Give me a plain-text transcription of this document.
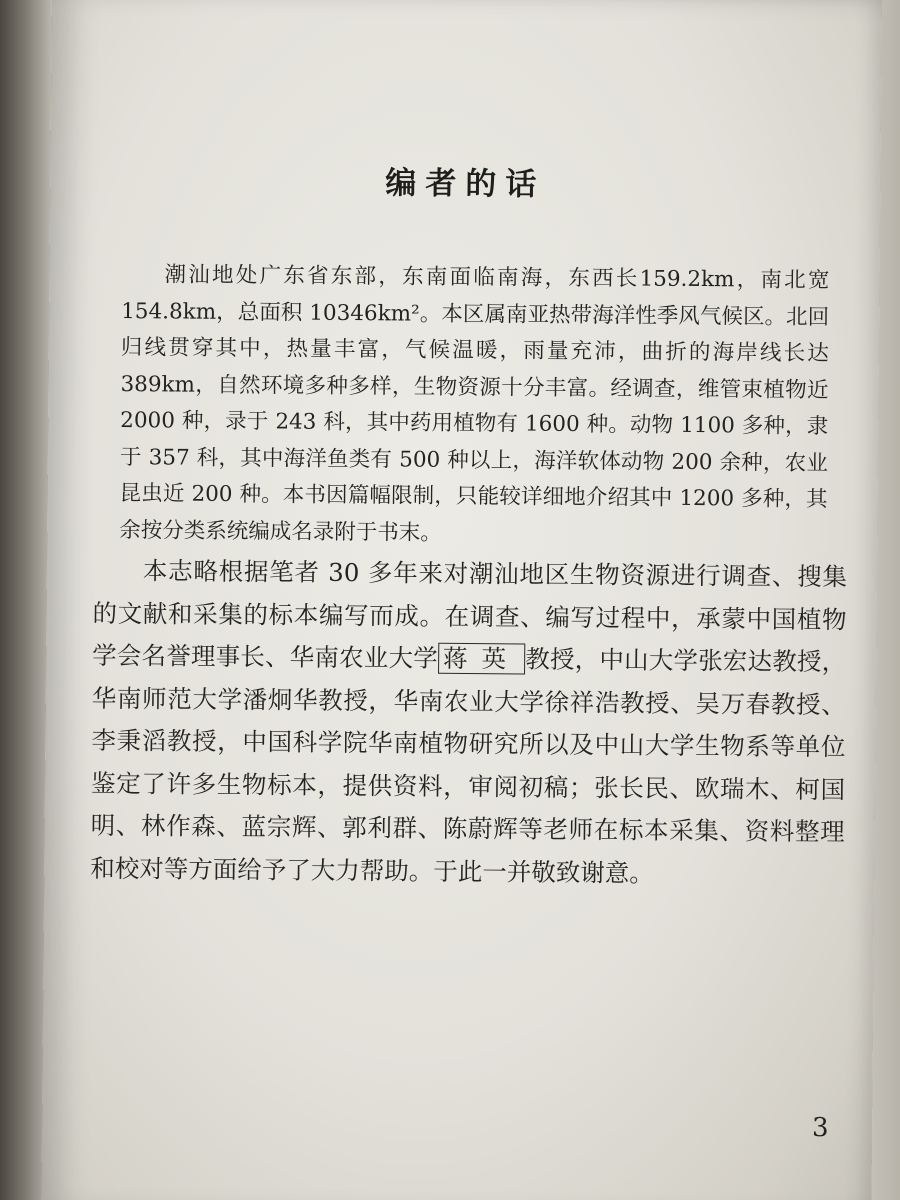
编者的话

潮汕地处广东省东部，东南面临南海，东西长159.2km，南北宽 154.8km，总面积 10346km²。本区属南亚热带海洋性季风气候区。北回归线贯穿其中，热量丰富，气候温暖，雨量充沛，曲折的海岸线长达 389km，自然环境多种多样，生物资源十分丰富。经调查，维管束植物近 2000 种，录于 243 科，其中药用植物有 1600 种。动物 1100 多种，隶于 357 科，其中海洋鱼类有 500 种以上，海洋软体动物 200 余种，农业昆虫近 200 种。本书因篇幅限制，只能较详细地介绍其中 1200 多种，其余按分类系统编成名录附于书末。

本志略根据笔者 30 多年来对潮汕地区生物资源进行调查、搜集的文献和采集的标本编写而成。在调查、编写过程中，承蒙中国植物学会名誉理事长、华南农业大学 蒋英 教授，中山大学张宏达教授，华南师范大学潘炯华教授，华南农业大学徐祥浩教授、吴万春教授、李秉滔教授，中国科学院华南植物研究所以及中山大学生物系等单位鉴定了许多生物标本，提供资料，审阅初稿；张长民、欧瑞木、柯国明、林作森、蓝宗辉、郭利群、陈蔚辉等老师在标本采集、资料整理和校对等方面给予了大力帮助。于此一并敬致谢意。

3
